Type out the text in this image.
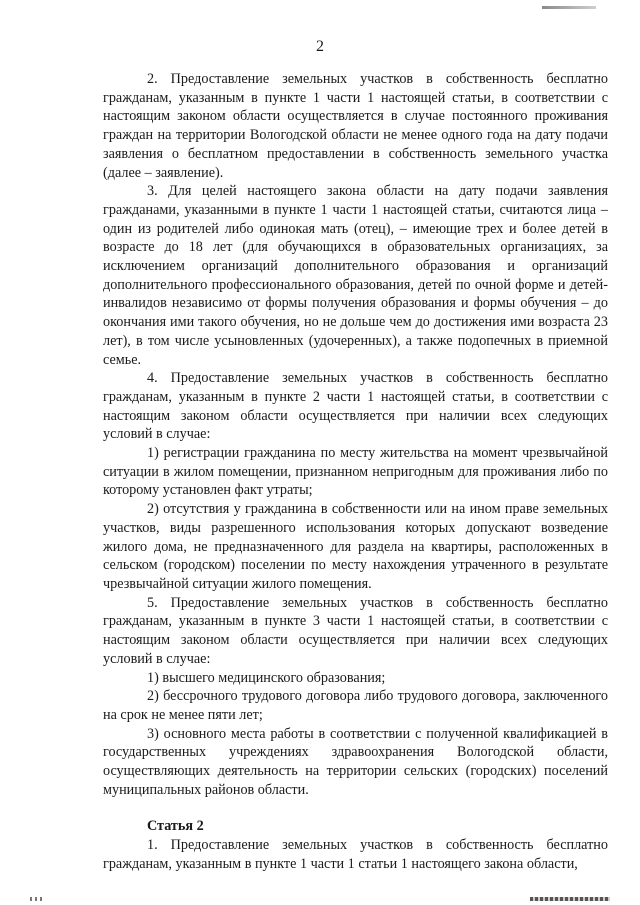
2

2. Предоставление земельных участков в собственность бесплатно гражданам, указанным в пункте 1 части 1 настоящей статьи, в соответствии с настоящим законом области осуществляется в случае постоянного проживания граждан на территории Вологодской области не менее одного года на дату подачи заявления о бесплатном предоставлении в собственность земельного участка (далее – заявление).

3. Для целей настоящего закона области на дату подачи заявления гражданами, указанными в пункте 1 части 1 настоящей статьи, считаются лица – один из родителей либо одинокая мать (отец), – имеющие трех и более детей в возрасте до 18 лет (для обучающихся в образовательных организациях, за исключением организаций дополнительного образования и организаций дополнительного профессионального образования, детей по очной форме и детей-инвалидов независимо от формы получения образования и формы обучения – до окончания ими такого обучения, но не дольше чем до достижения ими возраста 23 лет), в том числе усыновленных (удочеренных), а также подопечных в приемной семье.

4. Предоставление земельных участков в собственность бесплатно гражданам, указанным в пункте 2 части 1 настоящей статьи, в соответствии с настоящим законом области осуществляется при наличии всех следующих условий в случае:

1) регистрации гражданина по месту жительства на момент чрезвычайной ситуации в жилом помещении, признанном непригодным для проживания либо по которому установлен факт утраты;

2) отсутствия у гражданина в собственности или на ином праве земельных участков, виды разрешенного использования которых допускают возведение жилого дома, не предназначенного для раздела на квартиры, расположенных в сельском (городском) поселении по месту нахождения утраченного в результате чрезвычайной ситуации жилого помещения.

5. Предоставление земельных участков в собственность бесплатно гражданам, указанным в пункте 3 части 1 настоящей статьи, в соответствии с настоящим законом области осуществляется при наличии всех следующих условий в случае:

1) высшего медицинского образования;

2) бессрочного трудового договора либо трудового договора, заключенного на срок не менее пяти лет;

3) основного места работы в соответствии с полученной квалификацией в государственных учреждениях здравоохранения Вологодской области, осуществляющих деятельность на территории сельских (городских) поселений муниципальных районов области.

Статья 2

1. Предоставление земельных участков в собственность бесплатно гражданам, указанным в пункте 1 части 1 статьи 1 настоящего закона области,
